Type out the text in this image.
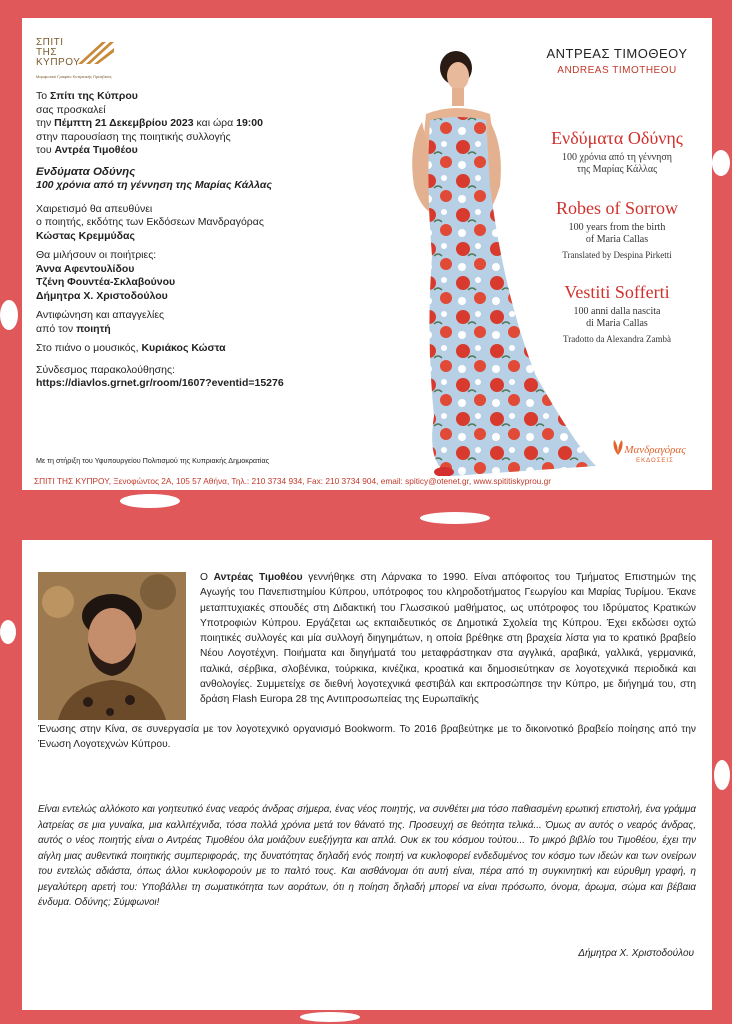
ΣΠΙΤΙ
ΤΗΣ
ΚΥΠΡΟΥ
Μορφωτικό Γραφείο Κυπριακής Πρεσβείας

Το Σπίτι της Κύπρου
σας προσκαλεί
την Πέμπτη 21 Δεκεμβρίου 2023 και ώρα 19:00
στην παρουσίαση της ποιητικής συλλογής
του Αντρέα Τιμοθέου

Ενδύματα Οδύνης
100 χρόνια από τη γέννηση της Μαρίας Κάλλας

Χαιρετισμό θα απευθύνει
ο ποιητής, εκδότης των Εκδόσεων Μανδραγόρας
Κώστας Κρεμμύδας

Θα μιλήσουν οι ποιήτριες:
Άννα Αφεντουλίδου
Τζένη Φουντέα-Σκλαβούνου
Δήμητρα Χ. Χριστοδούλου

Αντιφώνηση και απαγγελίες
από τον ποιητή

Στο πιάνο ο μουσικός, Κυριάκος Κώστα

Σύνδεσμος παρακολούθησης:
https://diavlos.grnet.gr/room/1607?eventid=15276

Με τη στήριξη του Υφυπουργείου Πολιτισμού της Κυπριακής Δημοκρατίας
ΣΠΙΤΙ ΤΗΣ ΚΥΠΡΟΥ, Ξενοφώντος 2Α, 105 57 Αθήνα, Τηλ.: 210 3734 934, Fax: 210 3734 904, email: spiticy@otenet.gr, www.spititiskyprou.gr
ΑΝΤΡΕΑΣ ΤΙΜΟΘΕΟΥ
ANDREAS TIMOTHEOU
Ενδύματα Οδύνης
100 χρόνια από τη γέννηση
της Μαρίας Κάλλας
Robes of Sorrow
100 years from the birth
of Maria Callas
Translated by Despina Pirketti
Vestiti Sofferti
100 anni dalla nascita
di Maria Callas
Tradotto da Alexandra Zambà
Μανδραγόρας
ΕΚΔΟΣΕΙΣ
Ο Αντρέας Τιμοθέου γεννήθηκε στη Λάρνακα το 1990. Είναι απόφοιτος του Τμήματος Επιστημών της Αγωγής του Πανεπιστημίου Κύπρου, υπότροφος του κληροδοτήματος Γεωργίου και Μαρίας Τυρίμου. Έκανε μεταπτυχιακές σπουδές στη Διδακτική του Γλωσσικού μαθήματος, ως υπότροφος του Ιδρύματος Κρατικών Υποτροφιών Κύπρου. Εργάζεται ως εκπαιδευτικός σε Δημοτικά Σχολεία της Κύπρου. Έχει εκδώσει οχτώ ποιητικές συλλογές και μία συλλογή διηγημάτων, η οποία βρέθηκε στη βραχεία λίστα για το κρατικό βραβείο Νέου Λογοτέχνη. Ποιήματα και διηγήματά του μεταφράστηκαν στα αγγλικά, αραβικά, γαλλικά, γερμανικά, ιταλικά, σέρβικα, σλοβένικα, τούρκικα, κινέζικα, κροατικά και δημοσιεύτηκαν σε λογοτεχνικά περιοδικά και ανθολογίες. Συμμετείχε σε διεθνή λογοτεχνικά φεστιβάλ και εκπροσώπησε την Κύπρο, με διήγημά του, στη δράση Flash Europa 28 της Αντιπροσωπείας της Ευρωπαϊκής
Ένωσης στην Κίνα, σε συνεργασία με τον λογοτεχνικό οργανισμό Bookworm. Το 2016 βραβεύτηκε με το δικοινοτικό βραβείο ποίησης από την Ένωση Λογοτεχνών Κύπρου.
Είναι εντελώς αλλόκοτο και γοητευτικό ένας νεαρός άνδρας σήμερα, ένας νέος ποιητής, να συνθέτει μια τόσο παθιασμένη ερωτική επιστολή, ένα γράμμα λατρείας σε μια γυναίκα, μια καλλιτέχνιδα, τόσα πολλά χρόνια μετά τον θάνατό της. Προσευχή σε θεότητα τελικά... Όμως αν αυτός ο νεαρός άνδρας, αυτός ο νέος ποιητής είναι ο Αντρέας Τιμοθέου όλα μοιάζουν ευεξήγητα και απλά. Ουκ εκ του κόσμου τούτου... Το μικρό βιβλίο του Τιμοθέου, έχει την αίγλη μιας αυθεντικά ποιητικής συμπεριφοράς, της δυνατότητας δηλαδή ενός ποιητή να κυκλοφορεί ενδεδυμένος τον κόσμο των ιδεών και των ονείρων του εντελώς αδιάστα, όπως άλλοι κυκλοφορούν με το παλτό τους. Και αισθάνομαι ότι αυτή είναι, πέρα από τη συγκινητική και εύρυθμη γραφή, η μεγαλύτερη αρετή του: Υποβάλλει τη σωματικότητα των αοράτων, ότι η ποίηση δηλαδή μπορεί να είναι πρόσωπο, όνομα, άρωμα, σώμα και βέβαια ένδυμα. Οδύνης; Σύμφωνοι!
Δήμητρα Χ. Χριστοδούλου
